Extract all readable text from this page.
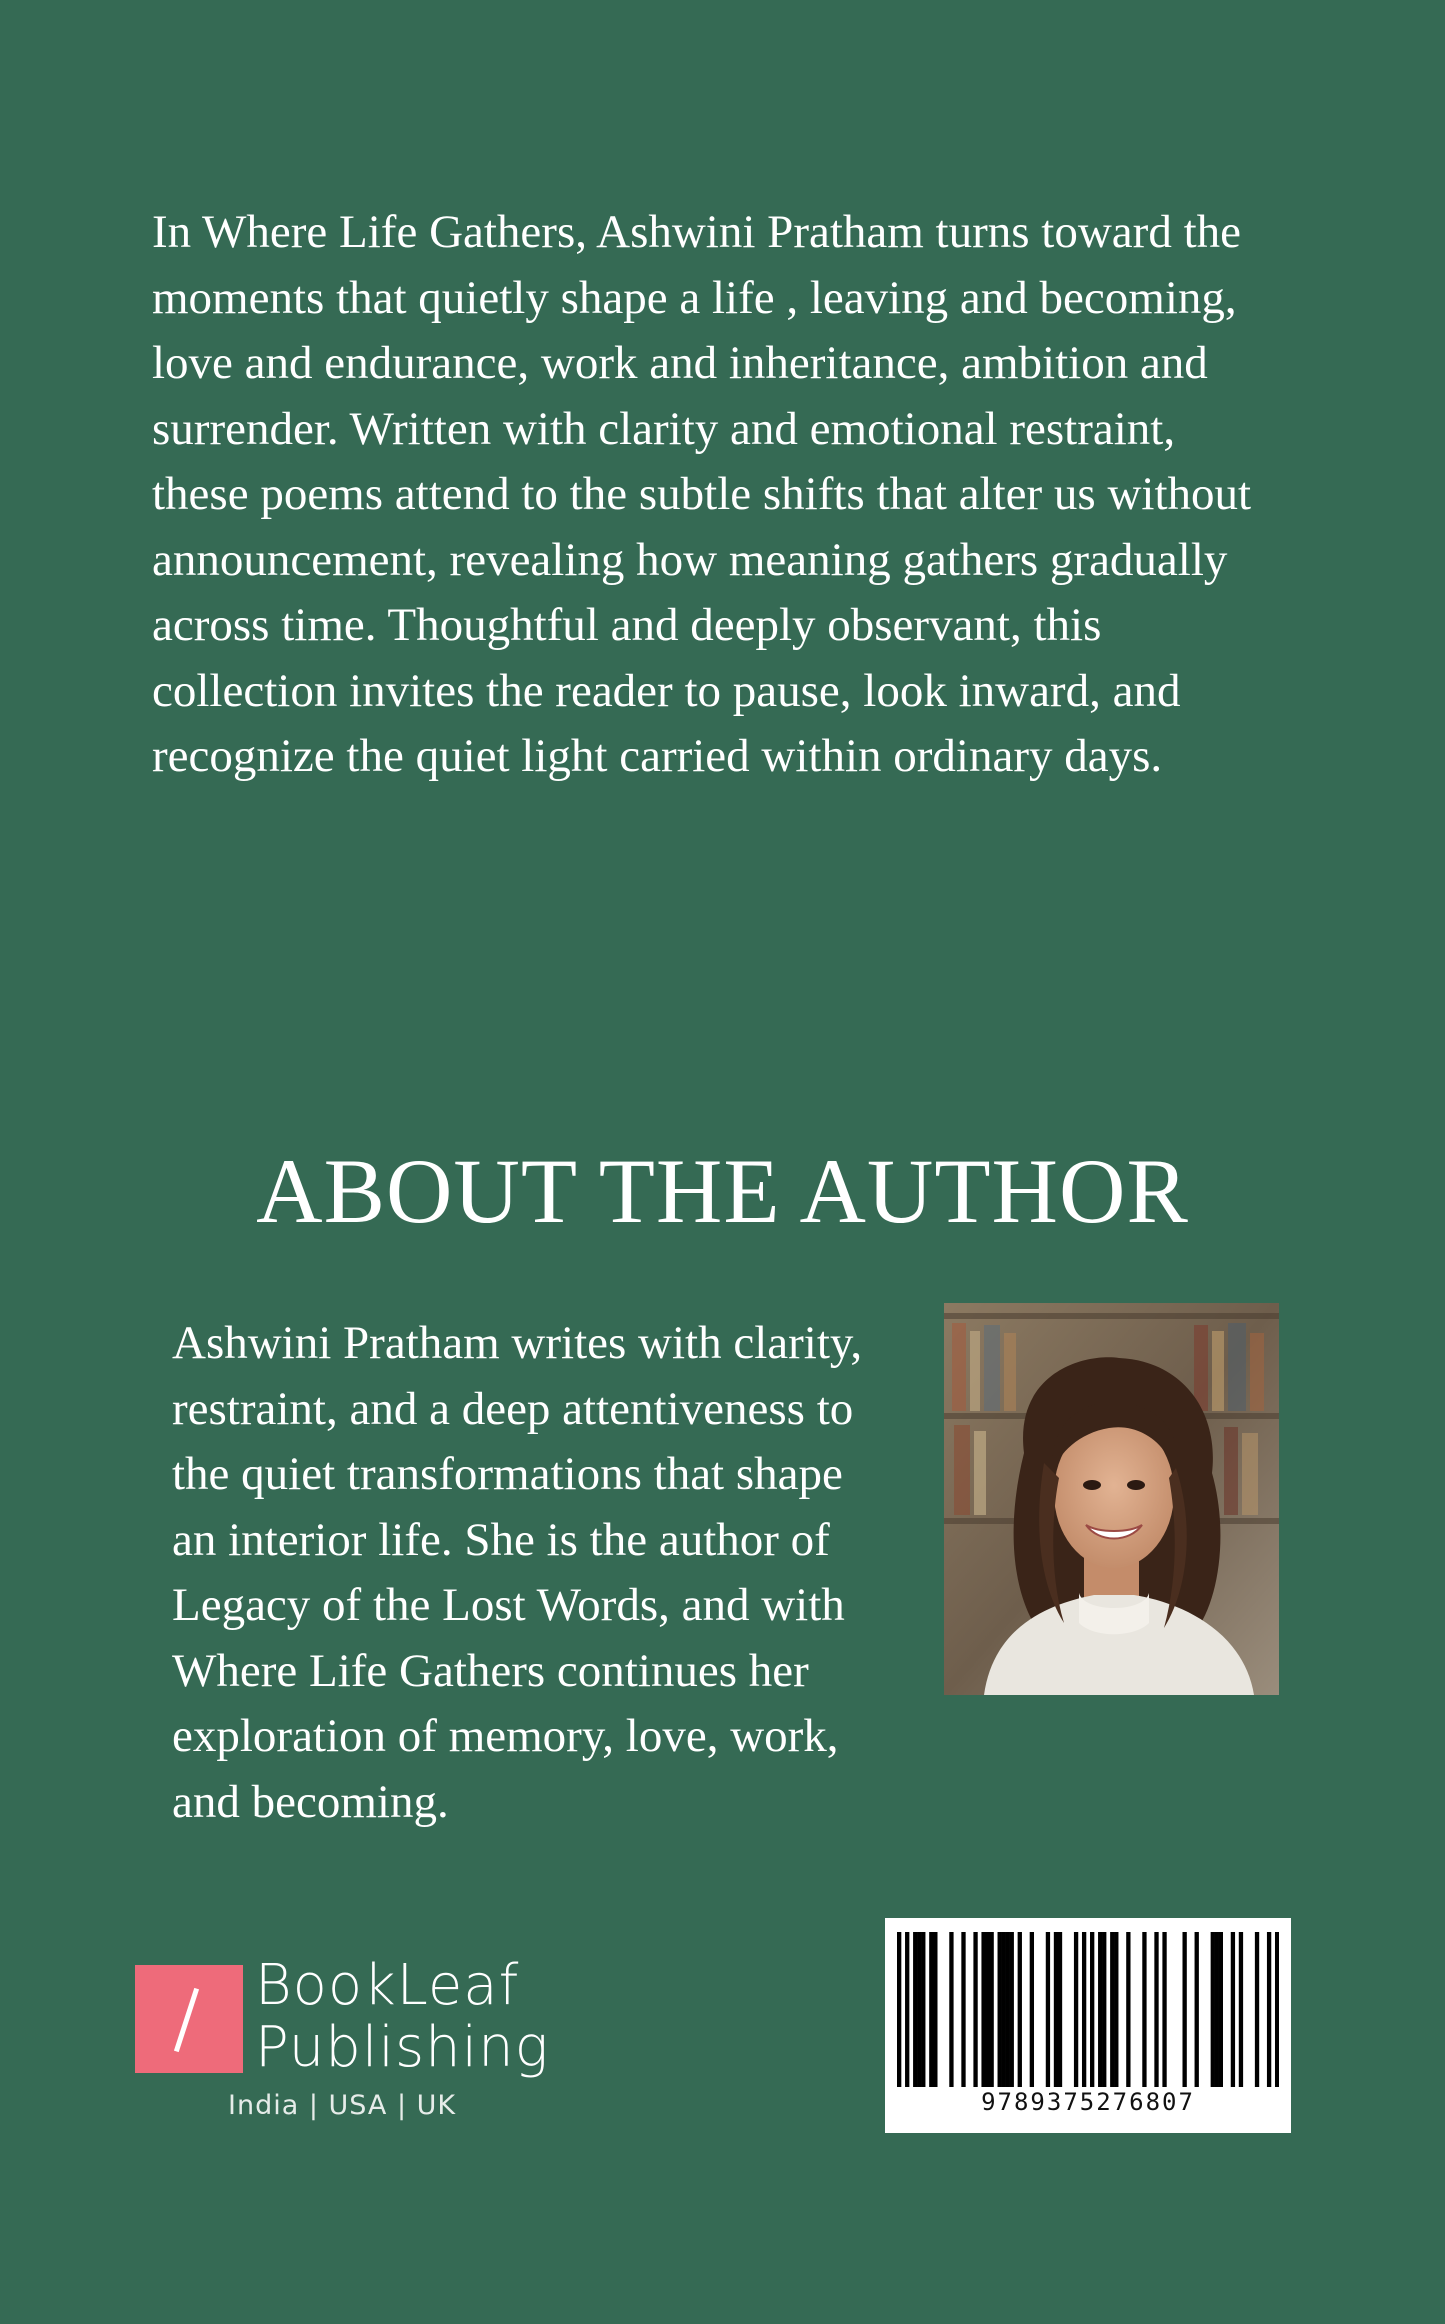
In Where Life Gathers, Ashwini Pratham turns toward the
moments that quietly shape a life , leaving and becoming,
love and endurance, work and inheritance, ambition and
surrender. Written with clarity and emotional restraint,
these poems attend to the subtle shifts that alter us without
announcement, revealing how meaning gathers gradually
across time. Thoughtful and deeply observant, this
collection invites the reader to pause, look inward, and
recognize the quiet light carried within ordinary days.
ABOUT THE AUTHOR
Ashwini Pratham writes with clarity,
restraint, and a deep attentiveness to
the quiet transformations that shape
an interior life. She is the author of
Legacy of the Lost Words, and with
Where Life Gathers continues her
exploration of memory, love, work,
and becoming.
BookLeaf
Publishing
India | USA | UK	9789375276807
